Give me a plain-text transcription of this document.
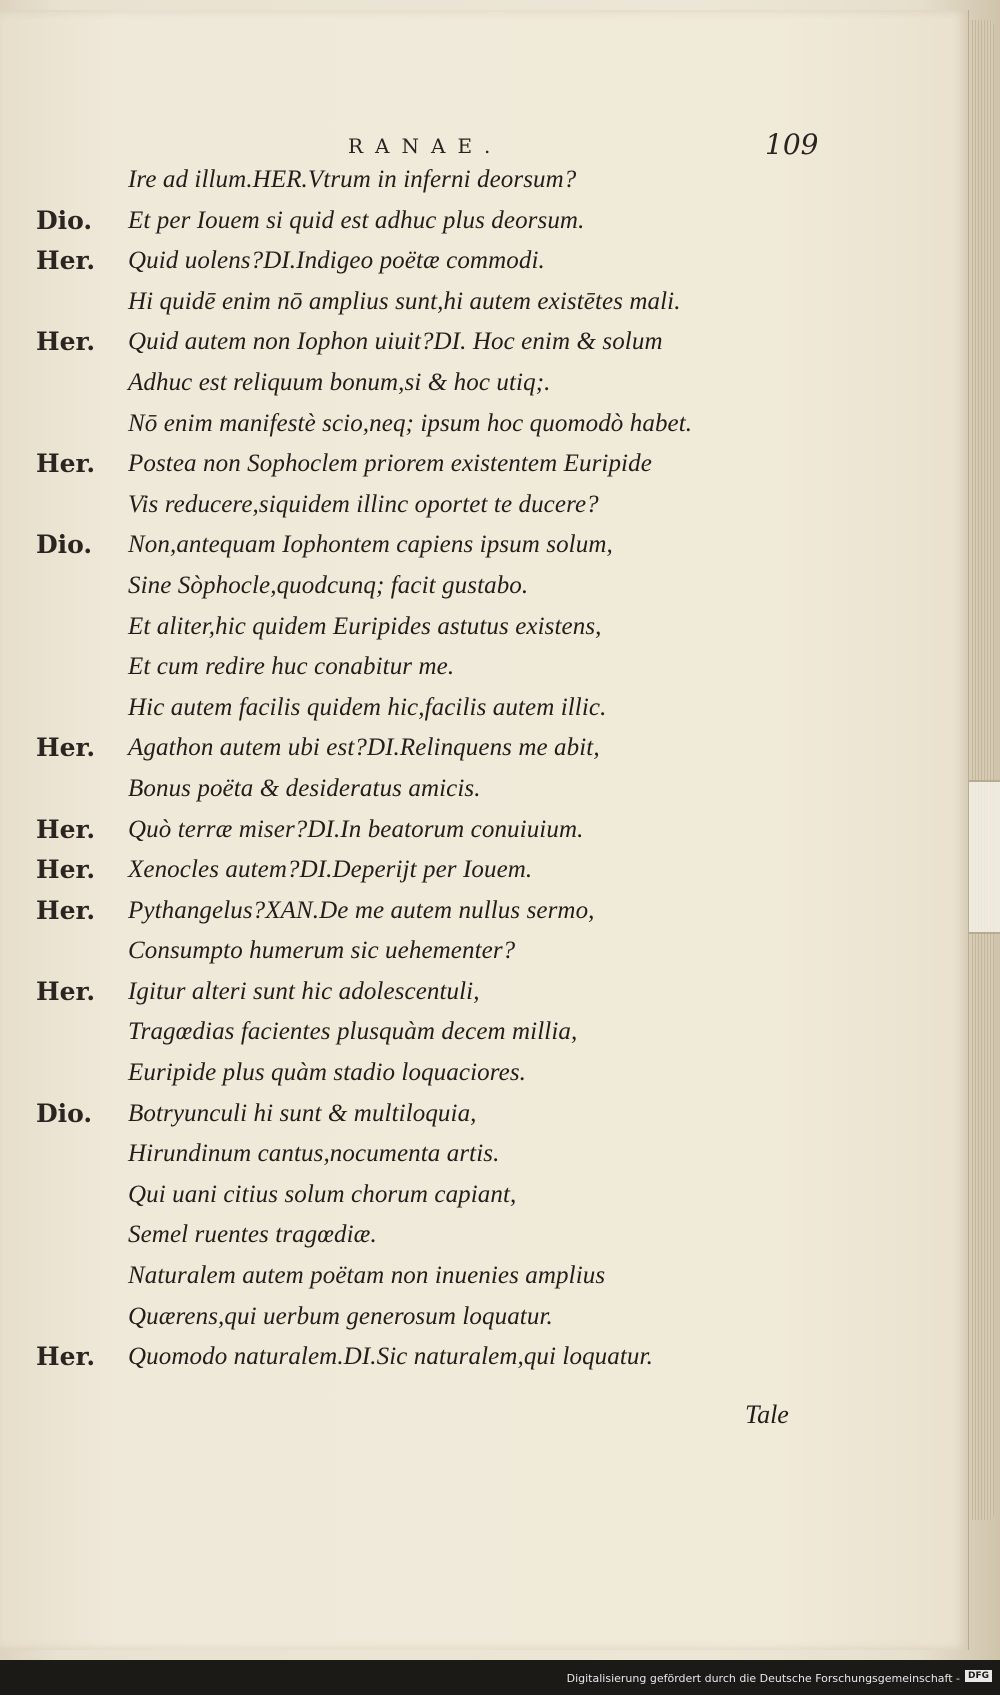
RANAE.	109
Ire ad illum.HER.Vtrum in inferni deorsum?
Dio. Et per Iouem si quid est adhuc plus deorsum.
Her. Quid uolens?DI.Indigeo poëtæ commodi.
Hi quidē enim nō amplius sunt,hi autem existētes mali.
Her. Quid autem non Iophon uiuit?DI. Hoc enim & solum
Adhuc est reliquum bonum,si & hoc utiq;.
Nō enim manifestè scio,neq; ipsum hoc quomodò habet.
Her. Postea non Sophoclem priorem existentem Euripide
Vis reducere,siquidem illinc oportet te ducere?
Dio. Non,antequam Iophontem capiens ipsum solum,
Sine Sòphocle,quodcunq; facit gustabo.
Et aliter,hic quidem Euripides astutus existens,
Et cum redire huc conabitur me.
Hic autem facilis quidem hic,facilis autem illic.
Her. Agathon autem ubi est?DI.Relinquens me abit,
Bonus poëta & desideratus amicis.
Her. Quò terræ miser?DI.In beatorum conuiuium.
Her. Xenocles autem?DI.Deperijt per Iouem.
Her. Pythangelus?XAN.De me autem nullus sermo,
Consumpto humerum sic uehementer?
Her. Igitur alteri sunt hic adolescentuli,
Tragœdias facientes plusquàm decem millia,
Euripide plus quàm stadio loquaciores.
Dio. Botryunculi hi sunt & multiloquia,
Hirundinum cantus,nocumenta artis.
Qui uani citius solum chorum capiant,
Semel ruentes tragœdiæ.
Naturalem autem poëtam non inuenies amplius
Quærens,qui uerbum generosum loquatur.
Her. Quomodo naturalem.DI.Sic naturalem,qui loquatur.
Tale
Digitalisierung gefördert durch die Deutsche Forschungsgemeinschaft - DFG
